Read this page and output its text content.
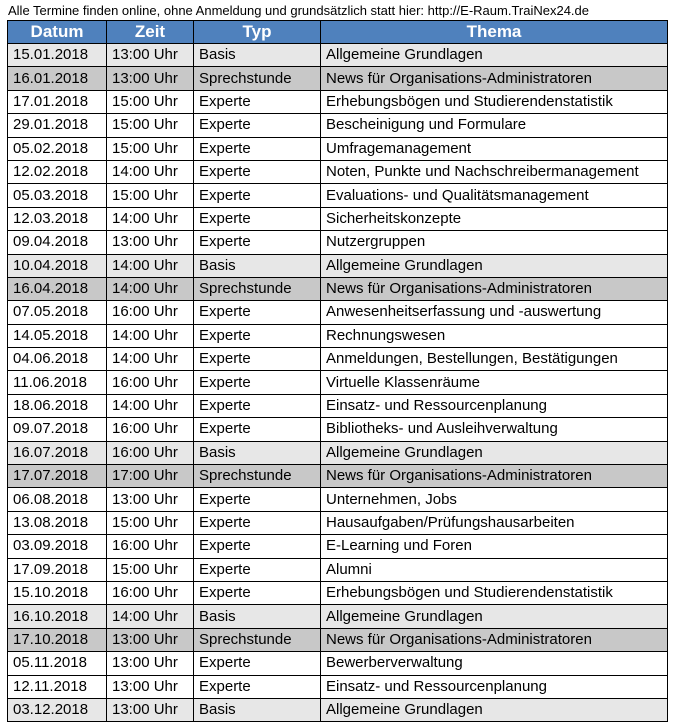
Alle Termine finden online, ohne Anmeldung und grundsätzlich statt hier: http://E-Raum.TraiNex24.de
Datum	Zeit	Typ	Thema
15.01.2018	13:00 Uhr	Basis	Allgemeine Grundlagen
16.01.2018	13:00 Uhr	Sprechstunde	News für Organisations-Administratoren
17.01.2018	15:00 Uhr	Experte	Erhebungsbögen und Studierendenstatistik
29.01.2018	15:00 Uhr	Experte	Bescheinigung und Formulare
05.02.2018	15:00 Uhr	Experte	Umfragemanagement
12.02.2018	14:00 Uhr	Experte	Noten, Punkte und Nachschreibermanagement
05.03.2018	15:00 Uhr	Experte	Evaluations- und Qualitätsmanagement
12.03.2018	14:00 Uhr	Experte	Sicherheitskonzepte
09.04.2018	13:00 Uhr	Experte	Nutzergruppen
10.04.2018	14:00 Uhr	Basis	Allgemeine Grundlagen
16.04.2018	14:00 Uhr	Sprechstunde	News für Organisations-Administratoren
07.05.2018	16:00 Uhr	Experte	Anwesenheitserfassung und -auswertung
14.05.2018	14:00 Uhr	Experte	Rechnungswesen
04.06.2018	14:00 Uhr	Experte	Anmeldungen, Bestellungen, Bestätigungen
11.06.2018	16:00 Uhr	Experte	Virtuelle Klassenräume
18.06.2018	14:00 Uhr	Experte	Einsatz- und Ressourcenplanung
09.07.2018	16:00 Uhr	Experte	Bibliotheks- und Ausleihverwaltung
16.07.2018	16:00 Uhr	Basis	Allgemeine Grundlagen
17.07.2018	17:00 Uhr	Sprechstunde	News für Organisations-Administratoren
06.08.2018	13:00 Uhr	Experte	Unternehmen, Jobs
13.08.2018	15:00 Uhr	Experte	Hausaufgaben/Prüfungshausarbeiten
03.09.2018	16:00 Uhr	Experte	E-Learning und Foren
17.09.2018	15:00 Uhr	Experte	Alumni
15.10.2018	16:00 Uhr	Experte	Erhebungsbögen und Studierendenstatistik
16.10.2018	14:00 Uhr	Basis	Allgemeine Grundlagen
17.10.2018	13:00 Uhr	Sprechstunde	News für Organisations-Administratoren
05.11.2018	13:00 Uhr	Experte	Bewerberverwaltung
12.11.2018	13:00 Uhr	Experte	Einsatz- und Ressourcenplanung
03.12.2018	13:00 Uhr	Basis	Allgemeine Grundlagen
